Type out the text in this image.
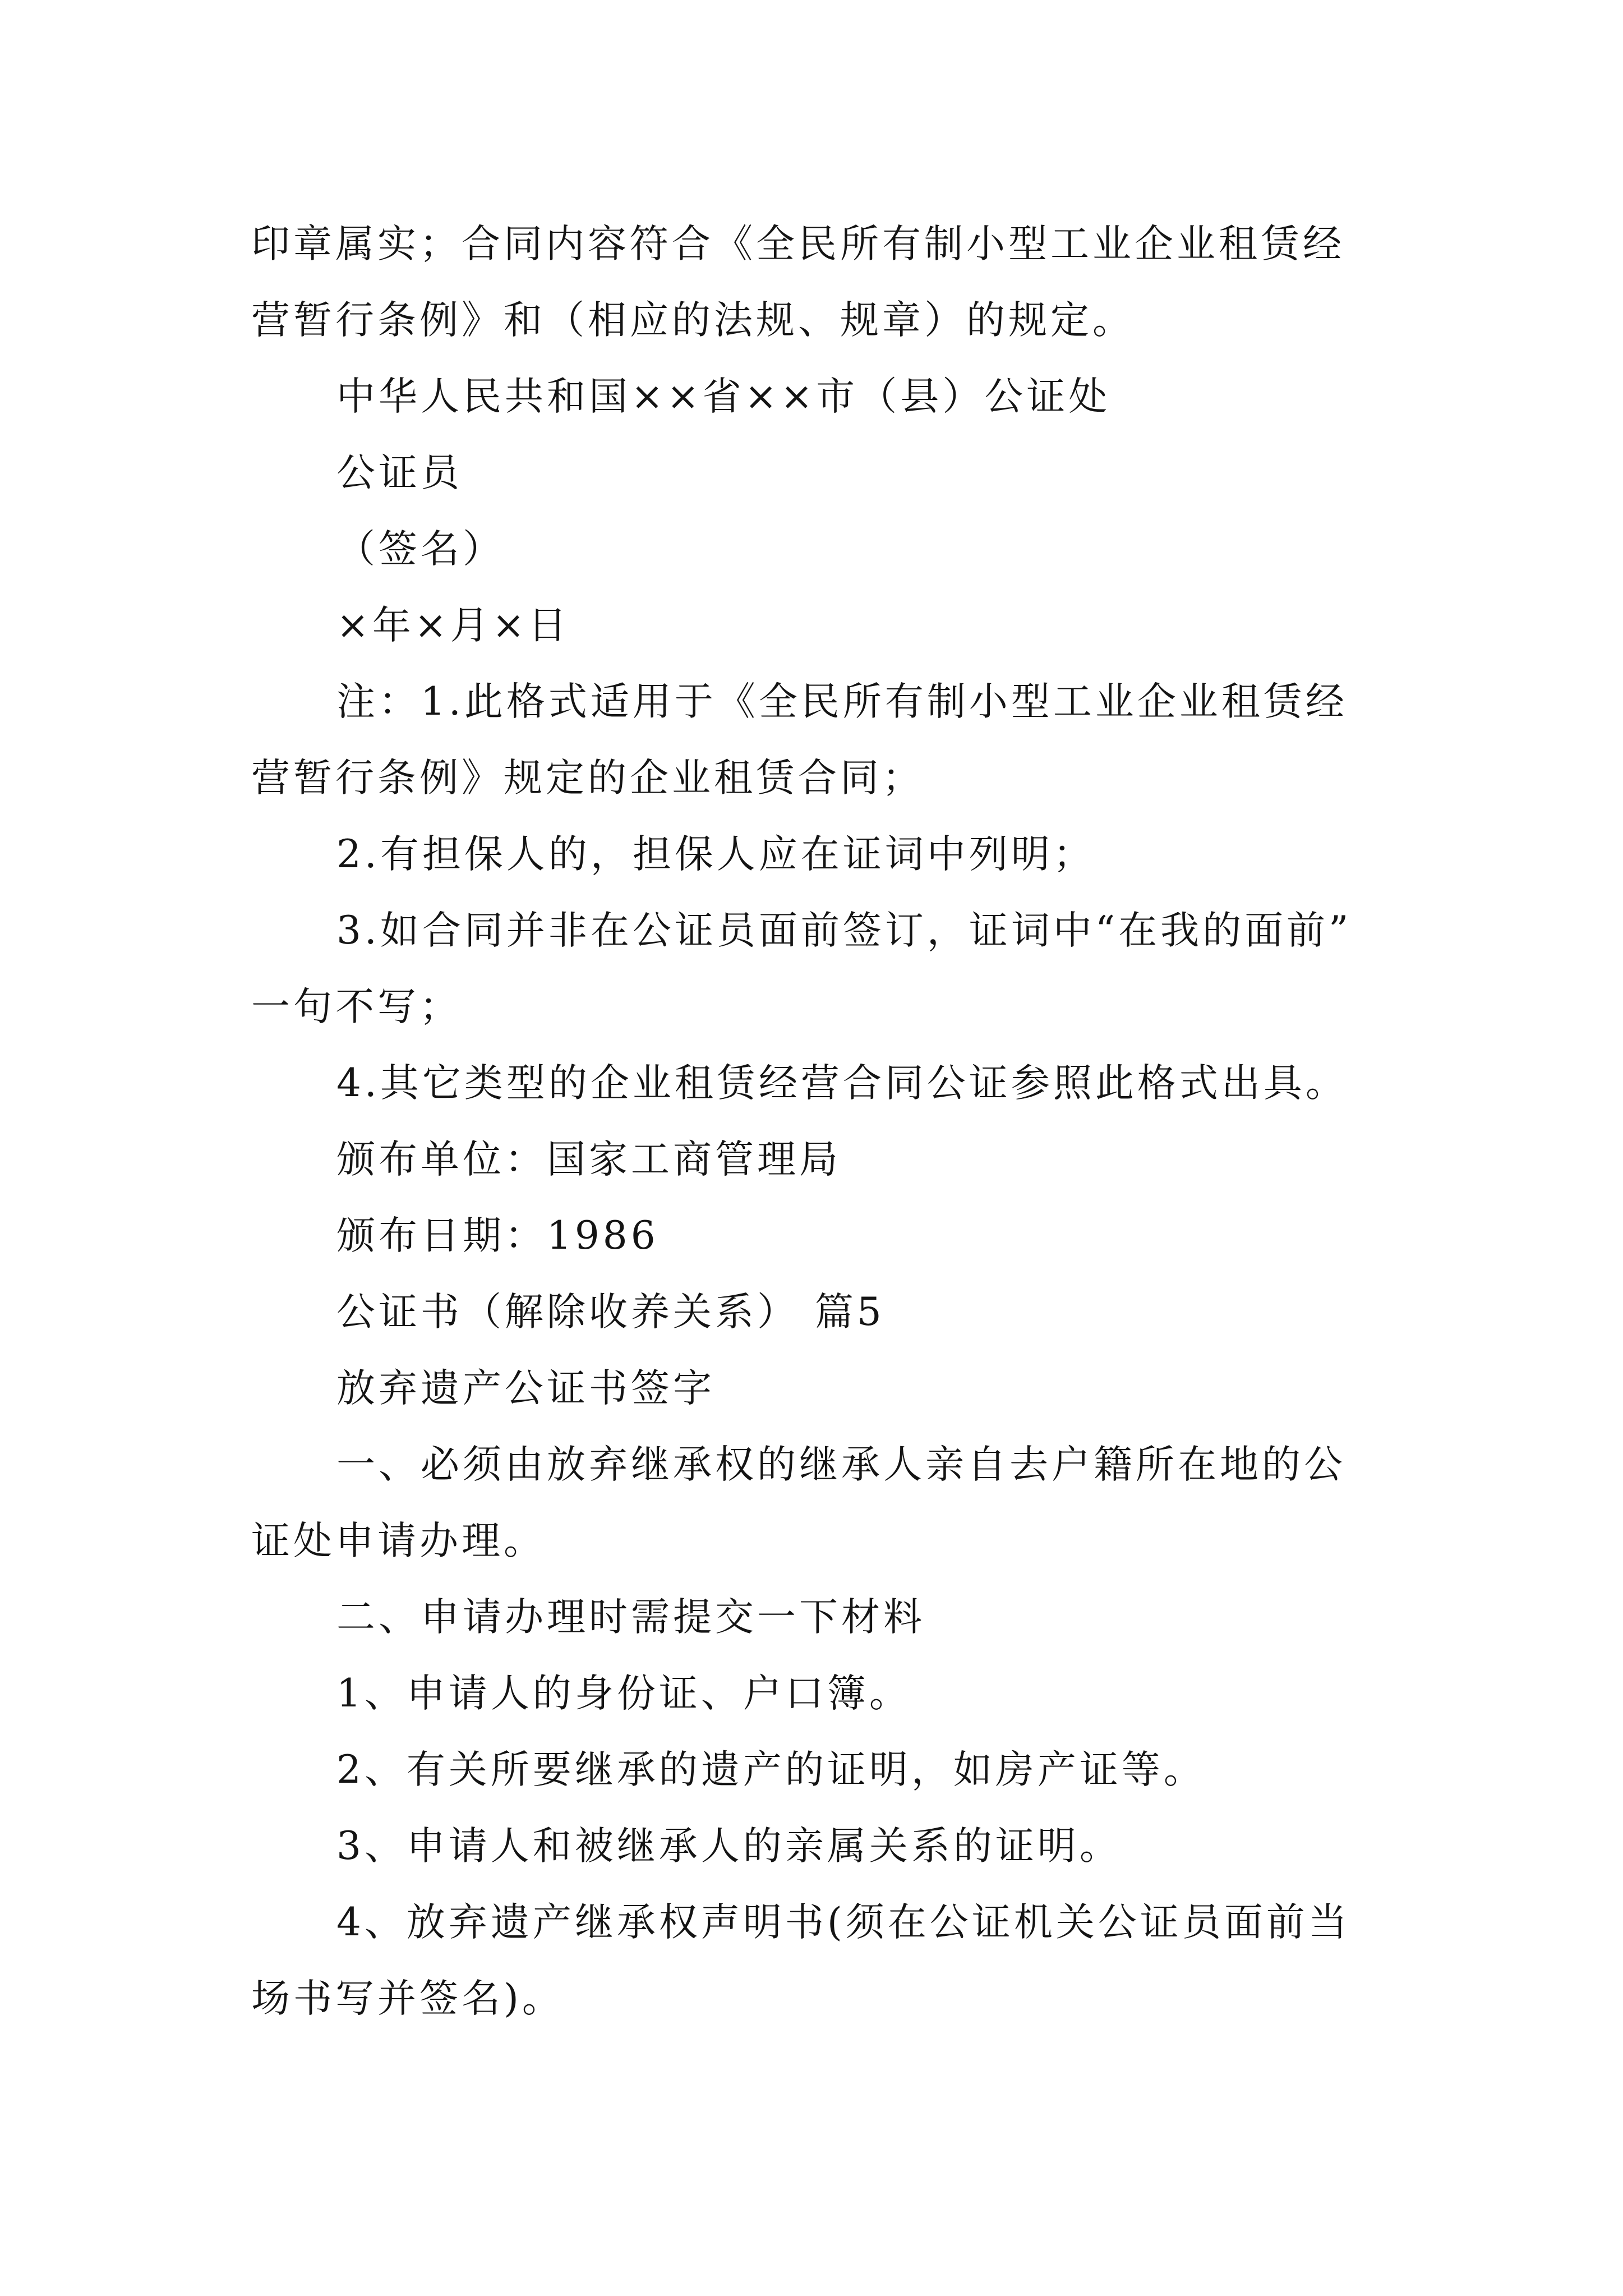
印章属实；合同内容符合《全民所有制小型工业企业租赁经

营暂行条例》和（相应的法规、规章）的规定。

中华人民共和国××省××市（县）公证处

公证员

（签名）

×年×月×日

注：1.此格式适用于《全民所有制小型工业企业租赁经

营暂行条例》规定的企业租赁合同；

2.有担保人的，担保人应在证词中列明；

3.如合同并非在公证员面前签订，证词中“在我的面前”

一句不写；

4.其它类型的企业租赁经营合同公证参照此格式出具。

颁布单位：国家工商管理局

颁布日期：1986

公证书（解除收养关系） 篇5

放弃遗产公证书签字

一、必须由放弃继承权的继承人亲自去户籍所在地的公

证处申请办理。

二、申请办理时需提交一下材料

1、申请人的身份证、户口簿。

2、有关所要继承的遗产的证明，如房产证等。

3、申请人和被继承人的亲属关系的证明。

4、放弃遗产继承权声明书(须在公证机关公证员面前当

场书写并签名)。
